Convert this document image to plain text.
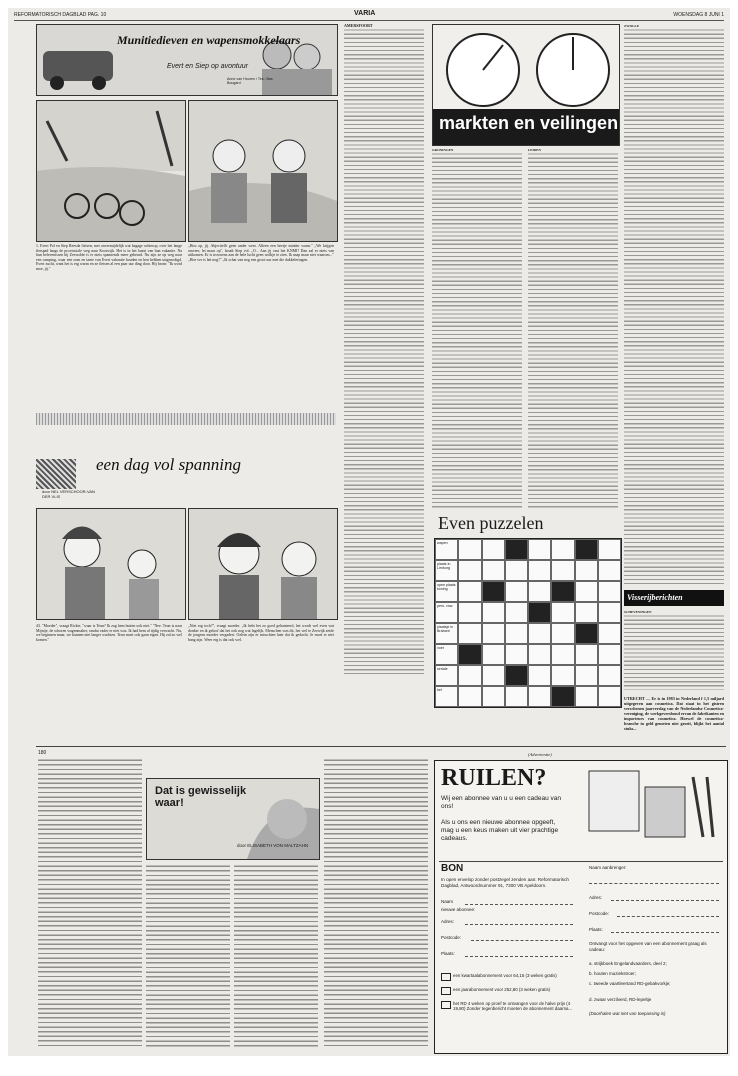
REFORMATORISCH DAGBLAD PAG. 10	VARIA	WOENSDAG 8 JUNI 1
Munitiedieven en wapensmokkelaars
Evert en Siep op avontuur
Anne van Hooren / Tek.: Bas Bougard
1. Evert Pol en Siep Reesda fietsen, met onvermijdelijk wat bagage achterop, over het lange fietspad langs de provinciale weg naar Kootwijk. Het is in het laatst van hun vakantie. Na hun belevenissen bij Zeewolde is er niets spannends meer gebeurd. Nu zijn ze op weg naar een camping, waar een oom en tante van Evert vakantie houden en hen hebben uitgenodigd. Evert zucht, want het is erg warm en ze fietsen al een paar uur ding door. Hij brom: "Ik word moe, jij."
„Hou op, jij. Abjectielft geen ander weer. Alleen een beetje minder warm." „We krijgen onweer, let maar op", houdt Siep vol. „O... Aan jij vast het KNMI? Dan zal er niets van uitkomen. Er is trouwens aan de hele lucht geen wolkje te zien. Ik snap maar niet waarom..." „Hoe ver is het nog?" „Ik schat van nog een groot uur met die dakkeleringen.
een dag vol spanning
door NEL VERSCHOOR-VAN DER VLIS
43. "Moeder", vraagt Rickie, "waar is Teun? Ik zag hem buiten ook niet." "Nee. Teun is naar Mijntje, de schoren wagenmaker, omdat vader er niet was. Ik had hem al tijdig verwacht. Nu, we beginnen maar, we kunnen niet langer wachten. Teun moet ook gaan eigen. Hij zal zo wel komen."
„Niet erg toch?", vraagt moeder. „Ik hebt het zo goed gehanteerd, het wordt wel even wat donker en ik geloof dat het ook nog wat lagelijk. Menschen was dit, het wel te Zeewijk zeide de jongens moeder vergadert. Ozlein zijn er misschien later dat ik gedacht. Je moet er niet bang zijn. Weer erg is dat ook wel.
AMERSFOORT
markten en veilingen
GRONINGEN	LEIDEN
ZWOLLE
Even puzzelen
wapen
plaats in Limburg
open plaats koning
pers. vnw.
plaatsje in Brabant
voet
seriale
kef
Visserijberichten
SCHEVENINGEN
UTRECHT — Er is in 1983 in Nederland f 1,5 miljard uitgegeven aan cosmetica. Dat staat in het gistren verschenen jaarverslag van de Nederlandse Cosmetica-vereniging, de werkgeversbond ervan de fabrikanten en importeurs van cosmetica. Hoewel de cosmetica-branche in geld gemeten niet groeit, blijkt het aantal stuks...
180
Dat is gewisselijk waar!
door ELISABETH VON MALTZAHN
(Advertentie)
RUILEN?
Wij een abonnee van u u een cadeau van ons!
Als u ons een nieuwe abonnee opgeeft, mag u een keus maken uit vier prachtige cadeaus.
BON
In open envelop zonder postzegel zenden aan: Reformatorisch Dagblad, Antwoordnummer 91, 7300 VB Apeldoorn.
Naam
nieuwe abonnee:
Adres:
Postcode:
Plaats:
een kwartaalabonnement voor 64,15 (3 weken gratis)
een jaarabonnement voor 252,80 (3 weken gratis)
het RD 4 weken op proef te ontvangen voor de halve prijs (4 19,80) Zonder tegenbericht moeten de abonnement daarna...
Naam aanbrenger:
Adres:
Postcode:
Plaats:
Ontvangt voor het opgeven van een abonnement graag als cadeau:
a. strijkboek Engelandvaarders, deel 2;
b. houten muziekstroer;
c. tweede vaartleertand RD-gebakvorkje;
d. zwaar verzilverd, RD-lepeltje
(Doorhalen wat niet van toepassing is)
